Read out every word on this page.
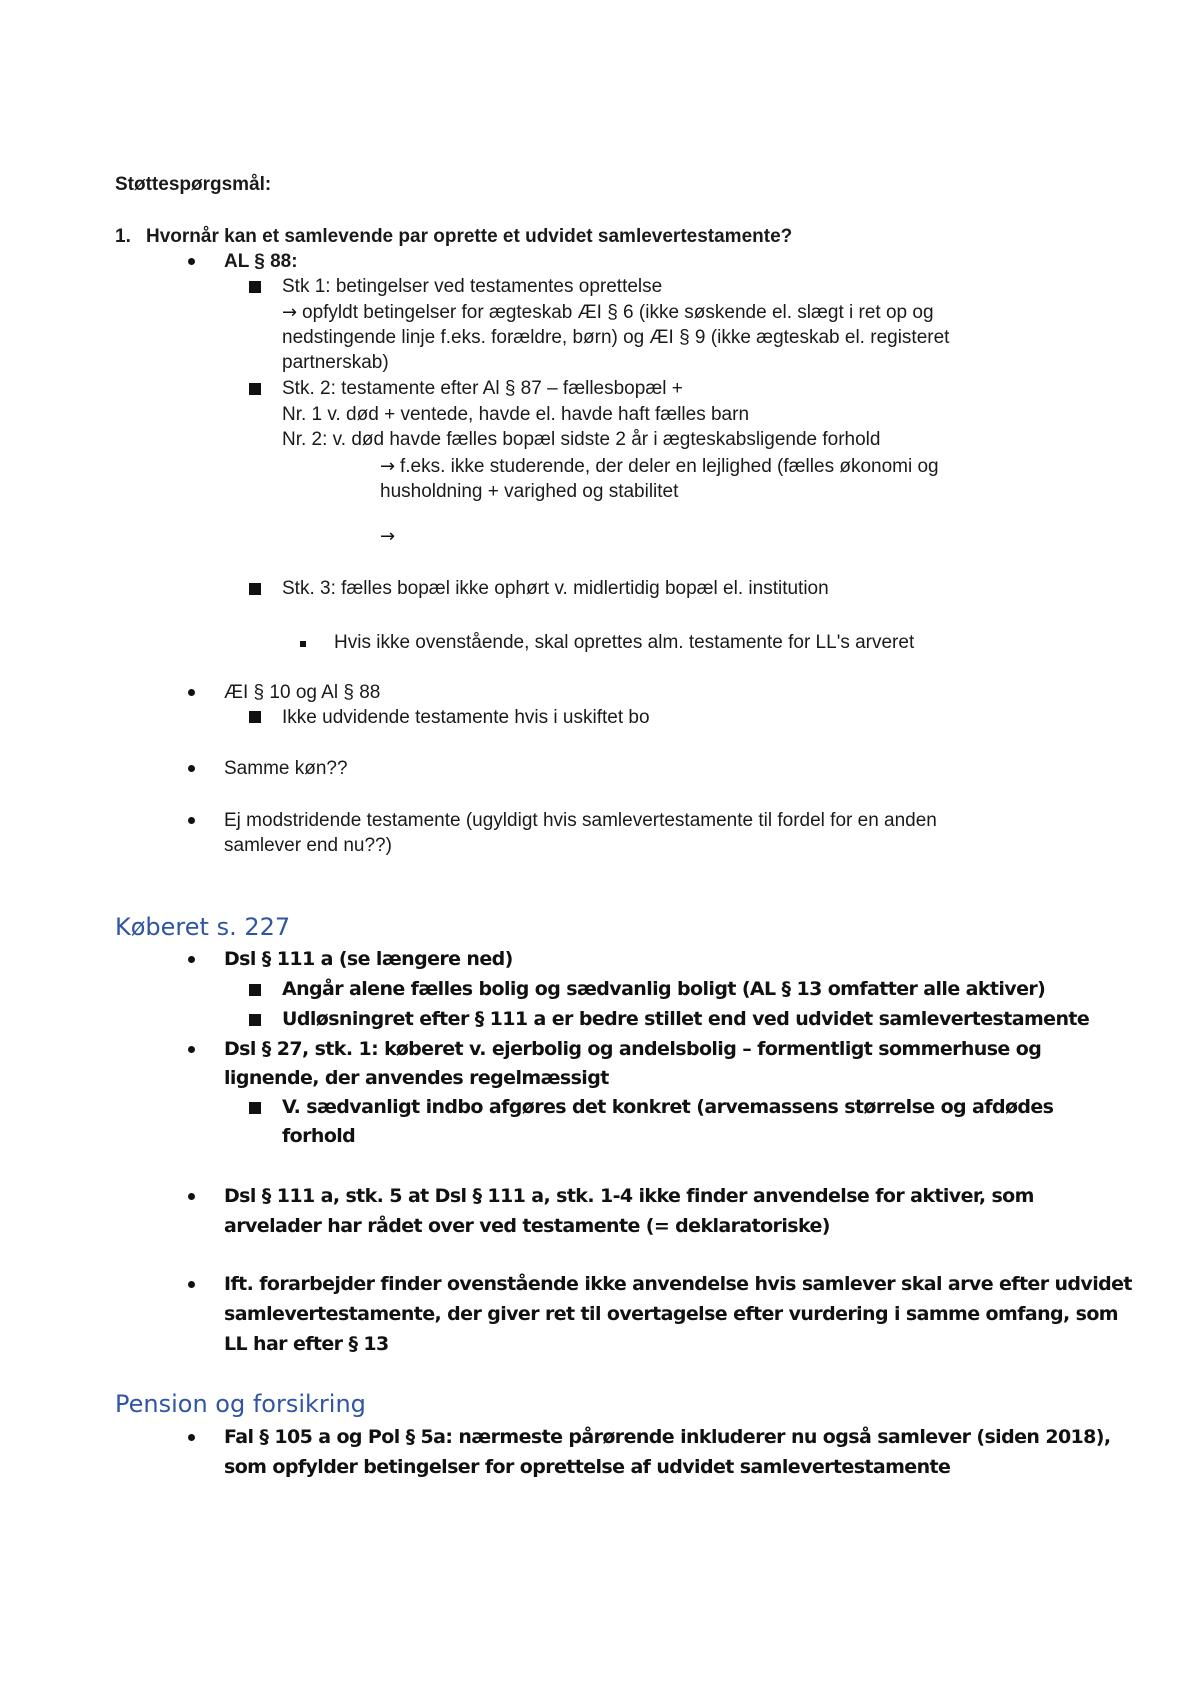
Støttespørgsmål:
1. Hvornår kan et samlevende par oprette et udvidet samlevertestamente?
AL § 88:
Stk 1: betingelser ved testamentes oprettelse
→ opfyldt betingelser for ægteskab ÆI § 6 (ikke søskende el. slægt i ret op og
nedstingende linje f.eks. forældre, børn) og ÆI § 9 (ikke ægteskab el. registeret
partnerskab)
Stk. 2: testamente efter Al § 87 – fællesbopæl +
Nr. 1 v. død + ventede, havde el. havde haft fælles barn
Nr. 2: v. død havde fælles bopæl sidste 2 år i ægteskabsligende forhold
→ f.eks. ikke studerende, der deler en lejlighed (fælles økonomi og
husholdning + varighed og stabilitet
→
Stk. 3: fælles bopæl ikke ophørt v. midlertidig bopæl el. institution
Hvis ikke ovenstående, skal oprettes alm. testamente for LL's arveret
ÆI § 10 og Al § 88
Ikke udvidende testamente hvis i uskiftet bo
Samme køn??
Ej modstridende testamente (ugyldigt hvis samlevertestamente til fordel for en anden
samlever end nu??)
Køberet s. 227
Dsl § 111 a (se længere ned)
Angår alene fælles bolig og sædvanlig boligt (AL § 13 omfatter alle aktiver)
Udløsningret efter § 111 a er bedre stillet end ved udvidet samlevertestamente
Dsl § 27, stk. 1: køberet v. ejerbolig og andelsbolig – formentligt sommerhuse og
lignende, der anvendes regelmæssigt
V. sædvanligt indbo afgøres det konkret (arvemassens størrelse og afdødes
forhold
Dsl § 111 a, stk. 5 at Dsl § 111 a, stk. 1-4 ikke finder anvendelse for aktiver, som
arvelader har rådet over ved testamente (= deklaratoriske)
Ift. forarbejder finder ovenstående ikke anvendelse hvis samlever skal arve efter udvidet
samlevertestamente, der giver ret til overtagelse efter vurdering i samme omfang, som
LL har efter § 13
Pension og forsikring
Fal § 105 a og Pol § 5a: nærmeste pårørende inkluderer nu også samlever (siden 2018),
som opfylder betingelser for oprettelse af udvidet samlevertestamente
